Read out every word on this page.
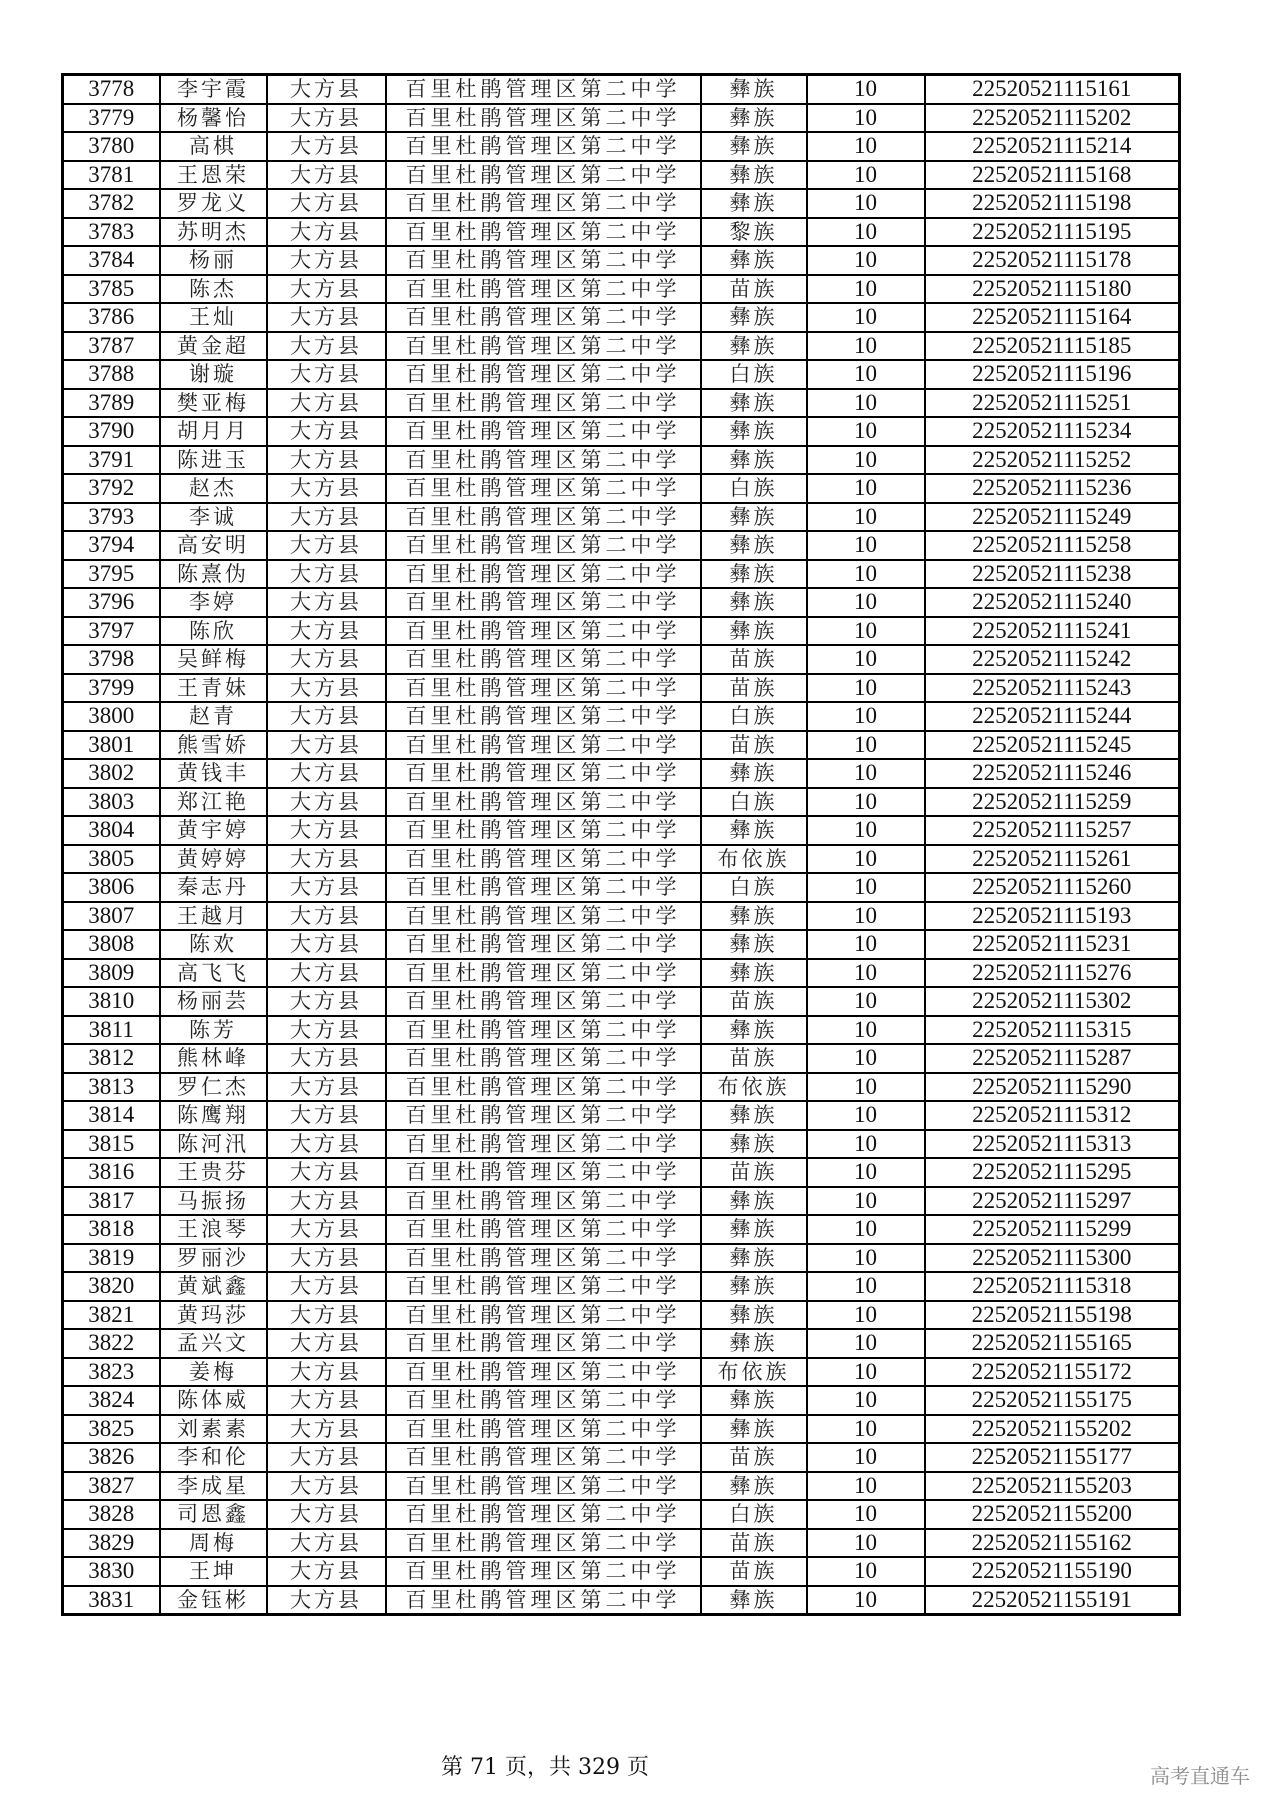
3778	李宇霞	大方县	百里杜鹃管理区第二中学	彝族	10	22520521115161
3779	杨馨怡	大方县	百里杜鹃管理区第二中学	彝族	10	22520521115202
3780	高棋	大方县	百里杜鹃管理区第二中学	彝族	10	22520521115214
3781	王恩荣	大方县	百里杜鹃管理区第二中学	彝族	10	22520521115168
3782	罗龙义	大方县	百里杜鹃管理区第二中学	彝族	10	22520521115198
3783	苏明杰	大方县	百里杜鹃管理区第二中学	黎族	10	22520521115195
3784	杨丽	大方县	百里杜鹃管理区第二中学	彝族	10	22520521115178
3785	陈杰	大方县	百里杜鹃管理区第二中学	苗族	10	22520521115180
3786	王灿	大方县	百里杜鹃管理区第二中学	彝族	10	22520521115164
3787	黄金超	大方县	百里杜鹃管理区第二中学	彝族	10	22520521115185
3788	谢璇	大方县	百里杜鹃管理区第二中学	白族	10	22520521115196
3789	樊亚梅	大方县	百里杜鹃管理区第二中学	彝族	10	22520521115251
3790	胡月月	大方县	百里杜鹃管理区第二中学	彝族	10	22520521115234
3791	陈进玉	大方县	百里杜鹃管理区第二中学	彝族	10	22520521115252
3792	赵杰	大方县	百里杜鹃管理区第二中学	白族	10	22520521115236
3793	李诚	大方县	百里杜鹃管理区第二中学	彝族	10	22520521115249
3794	高安明	大方县	百里杜鹃管理区第二中学	彝族	10	22520521115258
3795	陈熹伪	大方县	百里杜鹃管理区第二中学	彝族	10	22520521115238
3796	李婷	大方县	百里杜鹃管理区第二中学	彝族	10	22520521115240
3797	陈欣	大方县	百里杜鹃管理区第二中学	彝族	10	22520521115241
3798	吴鲜梅	大方县	百里杜鹃管理区第二中学	苗族	10	22520521115242
3799	王青妹	大方县	百里杜鹃管理区第二中学	苗族	10	22520521115243
3800	赵青	大方县	百里杜鹃管理区第二中学	白族	10	22520521115244
3801	熊雪娇	大方县	百里杜鹃管理区第二中学	苗族	10	22520521115245
3802	黄钱丰	大方县	百里杜鹃管理区第二中学	彝族	10	22520521115246
3803	郑江艳	大方县	百里杜鹃管理区第二中学	白族	10	22520521115259
3804	黄宇婷	大方县	百里杜鹃管理区第二中学	彝族	10	22520521115257
3805	黄婷婷	大方县	百里杜鹃管理区第二中学	布依族	10	22520521115261
3806	秦志丹	大方县	百里杜鹃管理区第二中学	白族	10	22520521115260
3807	王越月	大方县	百里杜鹃管理区第二中学	彝族	10	22520521115193
3808	陈欢	大方县	百里杜鹃管理区第二中学	彝族	10	22520521115231
3809	高飞飞	大方县	百里杜鹃管理区第二中学	彝族	10	22520521115276
3810	杨丽芸	大方县	百里杜鹃管理区第二中学	苗族	10	22520521115302
3811	陈芳	大方县	百里杜鹃管理区第二中学	彝族	10	22520521115315
3812	熊林峰	大方县	百里杜鹃管理区第二中学	苗族	10	22520521115287
3813	罗仁杰	大方县	百里杜鹃管理区第二中学	布依族	10	22520521115290
3814	陈鹰翔	大方县	百里杜鹃管理区第二中学	彝族	10	22520521115312
3815	陈河汛	大方县	百里杜鹃管理区第二中学	彝族	10	22520521115313
3816	王贵芬	大方县	百里杜鹃管理区第二中学	苗族	10	22520521115295
3817	马振扬	大方县	百里杜鹃管理区第二中学	彝族	10	22520521115297
3818	王浪琴	大方县	百里杜鹃管理区第二中学	彝族	10	22520521115299
3819	罗丽沙	大方县	百里杜鹃管理区第二中学	彝族	10	22520521115300
3820	黄斌鑫	大方县	百里杜鹃管理区第二中学	彝族	10	22520521115318
3821	黄玛莎	大方县	百里杜鹃管理区第二中学	彝族	10	22520521155198
3822	孟兴文	大方县	百里杜鹃管理区第二中学	彝族	10	22520521155165
3823	姜梅	大方县	百里杜鹃管理区第二中学	布依族	10	22520521155172
3824	陈体威	大方县	百里杜鹃管理区第二中学	彝族	10	22520521155175
3825	刘素素	大方县	百里杜鹃管理区第二中学	彝族	10	22520521155202
3826	李和伦	大方县	百里杜鹃管理区第二中学	苗族	10	22520521155177
3827	李成星	大方县	百里杜鹃管理区第二中学	彝族	10	22520521155203
3828	司恩鑫	大方县	百里杜鹃管理区第二中学	白族	10	22520521155200
3829	周梅	大方县	百里杜鹃管理区第二中学	苗族	10	22520521155162
3830	王坤	大方县	百里杜鹃管理区第二中学	苗族	10	22520521155190
3831	金钰彬	大方县	百里杜鹃管理区第二中学	彝族	10	22520521155191
第 71 页，共 329 页	高考直通车
